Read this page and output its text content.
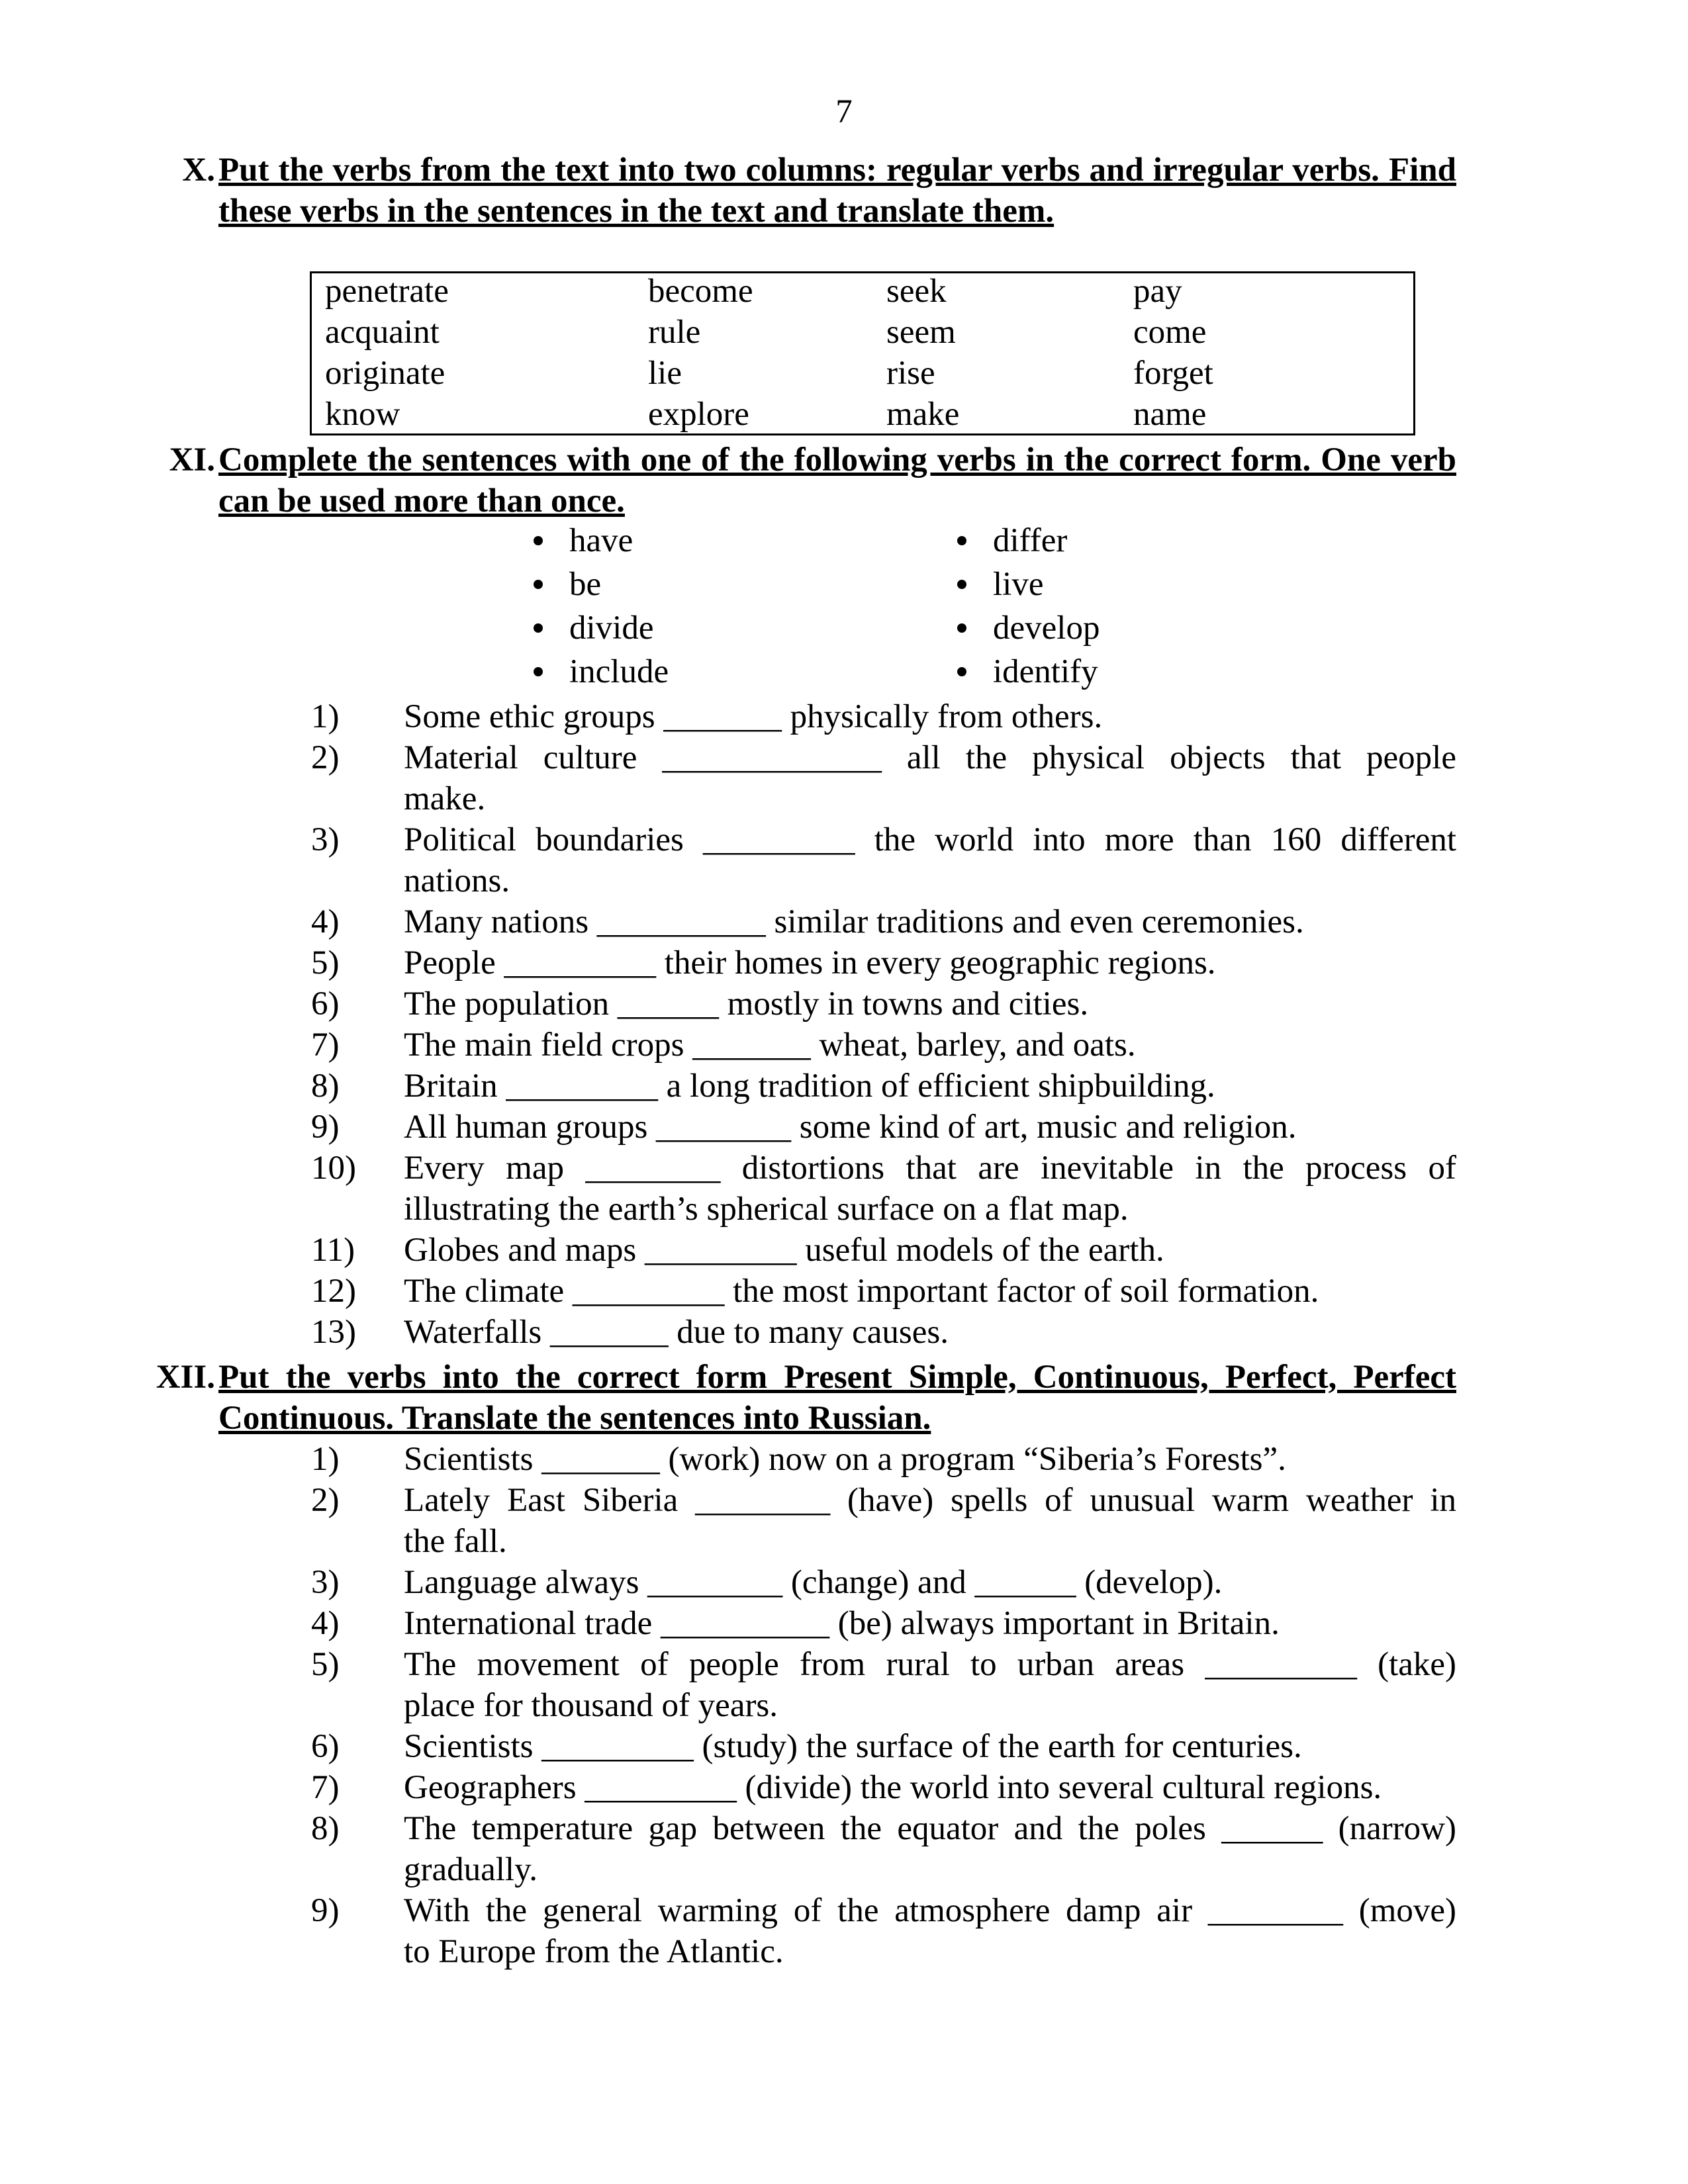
7
X. Put the verbs from the text into two columns: regular verbs and irregular verbs. Find these verbs in the sentences in the text and translate them.
penetrate	become	seek	pay
acquaint	rule	seem	come
originate	lie	rise	forget
know	explore	make	name
XI. Complete the sentences with one of the following verbs in the correct form. One verb can be used more than once.
have
be
divide
include
differ
live
develop
identify
1)	Some ethic groups _______ physically from others.
2)	Material culture _____________ all the physical objects that people
make.
3)	Political boundaries _________ the world into more than 160 different
nations.
4)	Many nations __________ similar traditions and even ceremonies.
5)	People _________ their homes in every geographic regions.
6)	The population ______ mostly in towns and cities.
7)	The main field crops _______ wheat, barley, and oats.
8)	Britain _________ a long tradition of efficient shipbuilding.
9)	All human groups ________ some kind of art, music and religion.
10)	Every map ________ distortions that are inevitable in the process of
illustrating the earth’s spherical surface on a flat map.
11)	Globes and maps _________ useful models of the earth.
12)	The climate _________ the most important factor of soil formation.
13)	Waterfalls _______ due to many causes.
XII. Put the verbs into the correct form Present Simple, Continuous, Perfect, Perfect Continuous. Translate the sentences into Russian.
1)	Scientists _______ (work) now on a program “Siberia’s Forests”.
2)	Lately East Siberia ________ (have) spells of unusual warm weather in
the fall.
3)	Language always ________ (change) and ______ (develop).
4)	International trade __________ (be) always important in Britain.
5)	The movement of people from rural to urban areas _________ (take)
place for thousand of years.
6)	Scientists _________ (study) the surface of the earth for centuries.
7)	Geographers _________ (divide) the world into several cultural regions.
8)	The temperature gap between the equator and the poles ______ (narrow)
gradually.
9)	With the general warming of the atmosphere damp air ________ (move)
to Europe from the Atlantic.
